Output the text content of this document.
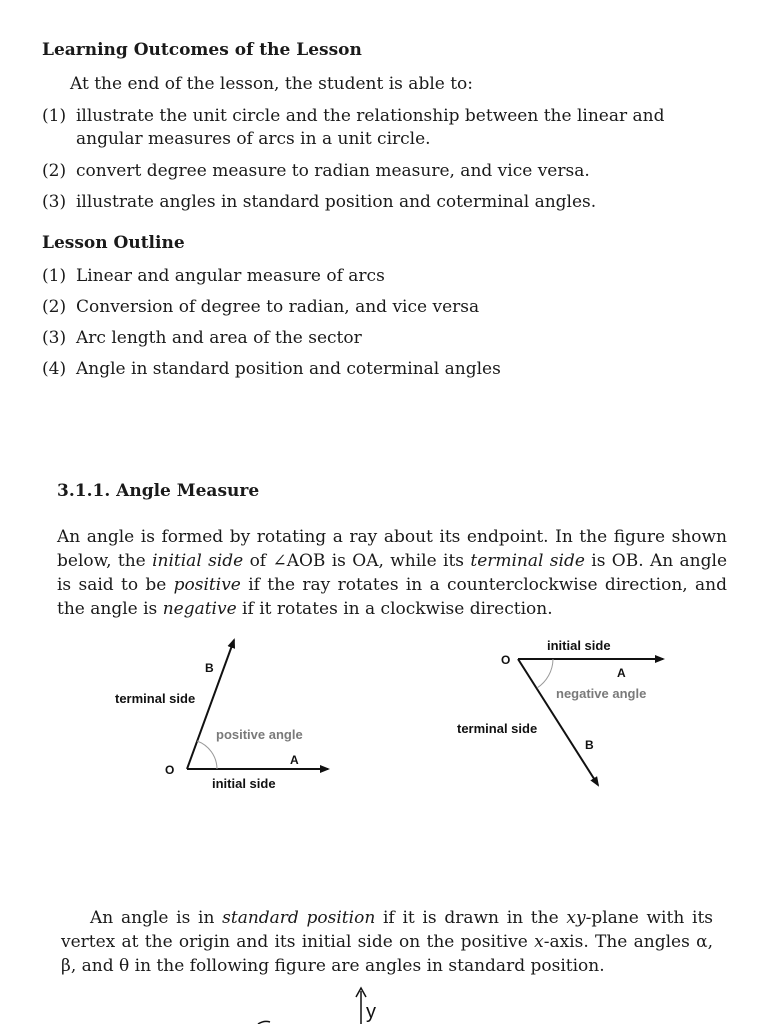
Learning Outcomes of the Lesson
At the end of the lesson, the student is able to:
(1) illustrate the unit circle and the relationship between the linear and angular measures of arcs in a unit circle.
(2) convert degree measure to radian measure, and vice versa.
(3) illustrate angles in standard position and coterminal angles.
Lesson Outline
(1) Linear and angular measure of arcs
(2) Conversion of degree to radian, and vice versa
(3) Arc length and area of the sector
(4) Angle in standard position and coterminal angles
3.1.1. Angle Measure
An angle is formed by rotating a ray about its endpoint. In the figure shown below, the initial side of ∠AOB is OA, while its terminal side is OB. An angle is said to be positive if the ray rotates in a counterclockwise direction, and the angle is negative if it rotates in a clockwise direction.
B
terminal side
positive angle
A
O
initial side
O
initial side
A
negative angle
terminal side
B
An angle is in standard position if it is drawn in the xy-plane with its vertex at the origin and its initial side on the positive x-axis. The angles α, β, and θ in the following figure are angles in standard position.
y
